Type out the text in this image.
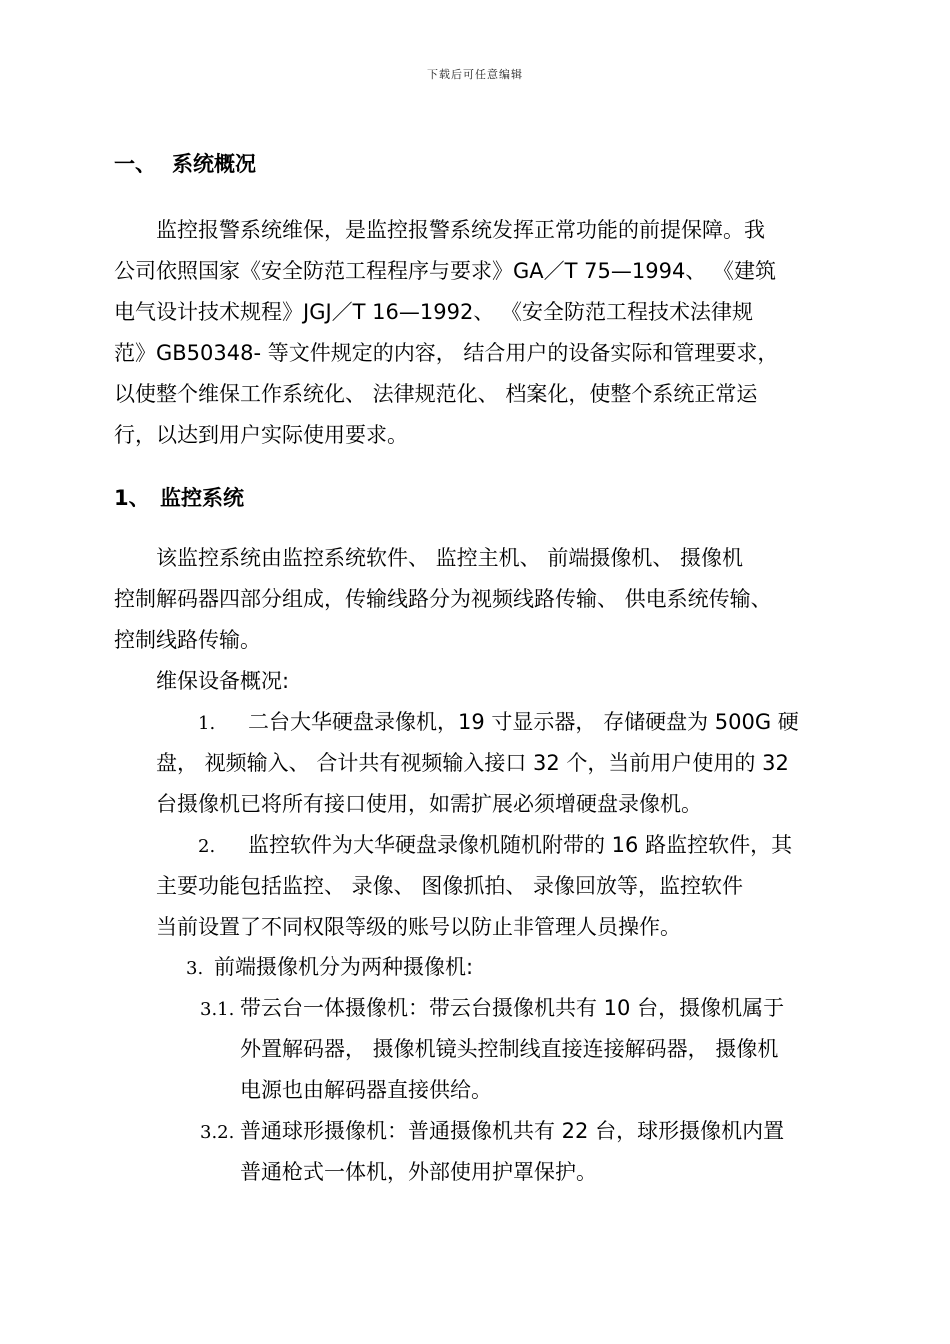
下载后可任意编辑
一、 系统概况
　　监控报警系统维保，是监控报警系统发挥正常功能的前提保障。我
公司依照国家《安全防范工程程序与要求》GA／T 75—1994、 《建筑
电气设计技术规程》JGJ／T 16—1992、 《安全防范工程技术法律规
范》GB50348- 等文件规定的内容， 结合用户的设备实际和管理要求，
以使整个维保工作系统化、 法律规范化、 档案化，使整个系统正常运
行，以达到用户实际使用要求。
1、 监控系统
　　该监控系统由监控系统软件、 监控主机、 前端摄像机、 摄像机
控制解码器四部分组成，传输线路分为视频线路传输、 供电系统传输、
控制线路传输。
维保设备概况:
1. 二台大华硬盘录像机，19 寸显示器， 存储硬盘为 500G 硬
盘， 视频输入、 合计共有视频输入接口 32 个，当前用户使用的 32
台摄像机已将所有接口使用，如需扩展必须增硬盘录像机。
2. 监控软件为大华硬盘录像机随机附带的 16 路监控软件，其
主要功能包括监控、 录像、 图像抓拍、 录像回放等，监控软件
当前设置了不同权限等级的账号以防止非管理人员操作。
3. 前端摄像机分为两种摄像机:
3.1. 带云台一体摄像机：带云台摄像机共有 10 台，摄像机属于
外置解码器， 摄像机镜头控制线直接连接解码器， 摄像机
电源也由解码器直接供给。
3.2. 普通球形摄像机：普通摄像机共有 22 台，球形摄像机内置
普通枪式一体机，外部使用护罩保护。
